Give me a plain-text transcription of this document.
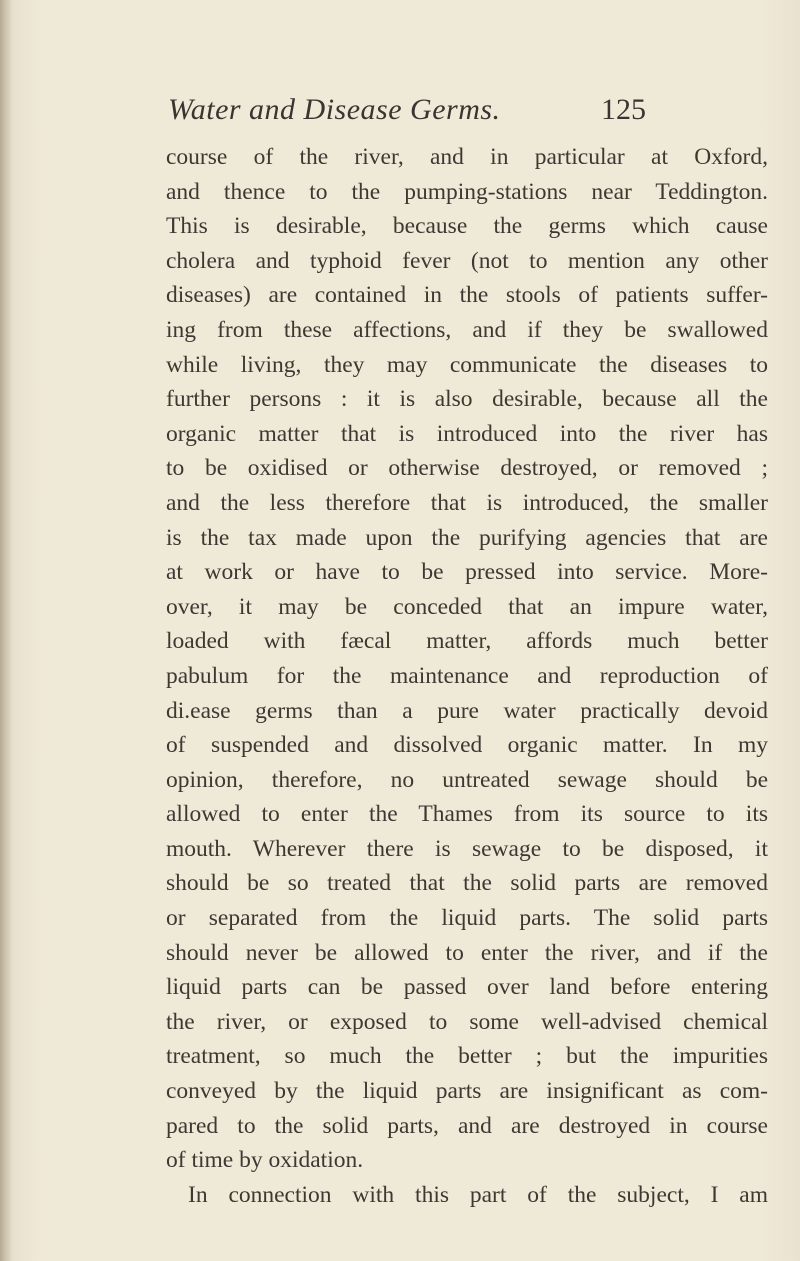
Water and Disease Germs.	125
course of the river, and in particular at Oxford,
and thence to the pumping-stations near Teddington.
This is desirable, because the germs which cause
cholera and typhoid fever (not to mention any other
diseases) are contained in the stools of patients suffer-
ing from these affections, and if they be swallowed
while living, they may communicate the diseases to
further persons : it is also desirable, because all the
organic matter that is introduced into the river has
to be oxidised or otherwise destroyed, or removed ;
and the less therefore that is introduced, the smaller
is the tax made upon the purifying agencies that are
at work or have to be pressed into service. More-
over, it may be conceded that an impure water,
loaded with fæcal matter, affords much better
pabulum for the maintenance and reproduction of
di.ease germs than a pure water practically devoid
of suspended and dissolved organic matter. In my
opinion, therefore, no untreated sewage should be
allowed to enter the Thames from its source to its
mouth. Wherever there is sewage to be disposed, it
should be so treated that the solid parts are removed
or separated from the liquid parts. The solid parts
should never be allowed to enter the river, and if the
liquid parts can be passed over land before entering
the river, or exposed to some well-advised chemical
treatment, so much the better ; but the impurities
conveyed by the liquid parts are insignificant as com-
pared to the solid parts, and are destroyed in course
of time by oxidation.
In connection with this part of the subject, I am
